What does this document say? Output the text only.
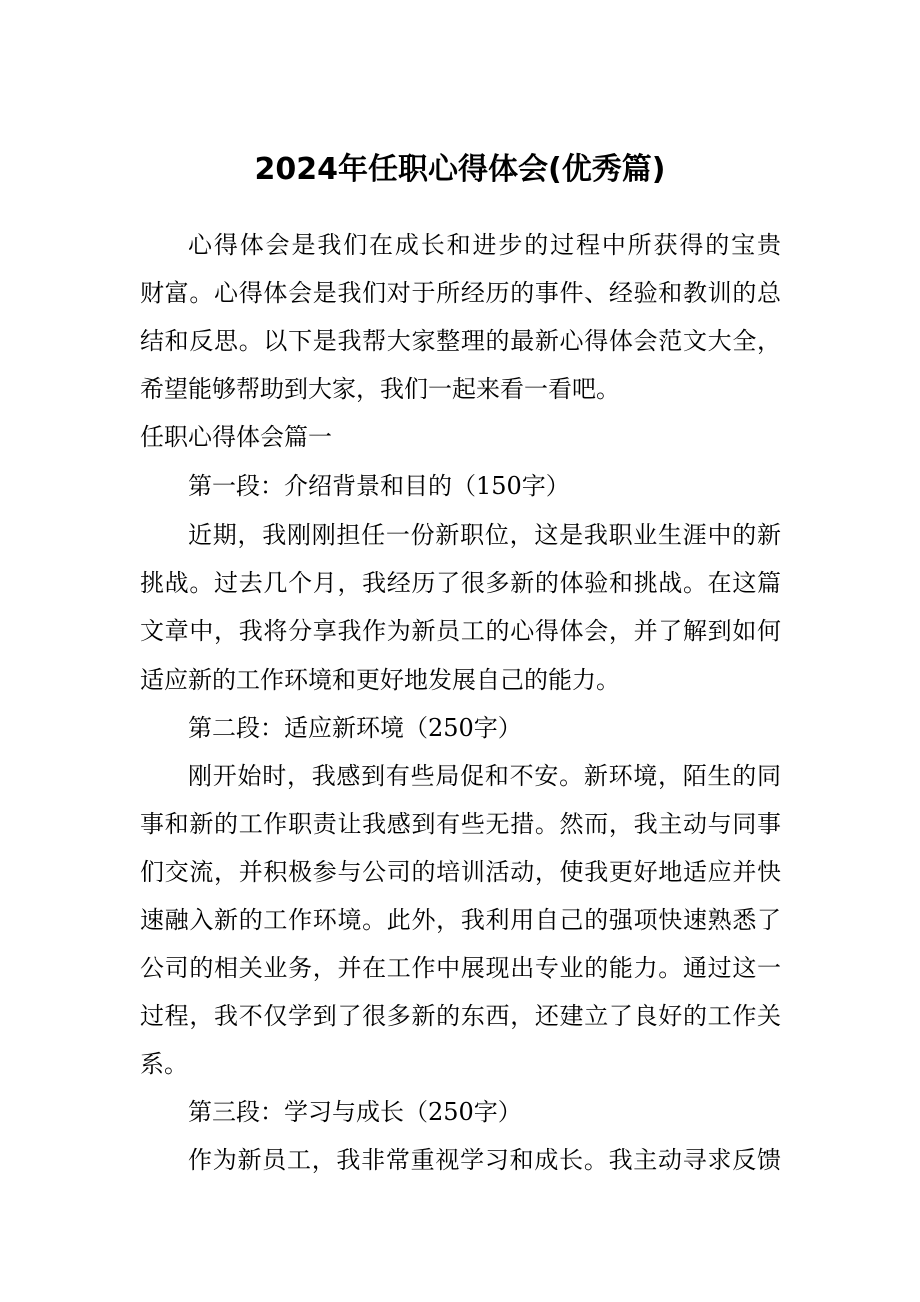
2024年任职心得体会(优秀篇)
心得体会是我们在成长和进步的过程中所获得的宝贵
财富。心得体会是我们对于所经历的事件、经验和教训的总
结和反思。以下是我帮大家整理的最新心得体会范文大全，
希望能够帮助到大家，我们一起来看一看吧。
任职心得体会篇一
第一段：介绍背景和目的（150字）
近期，我刚刚担任一份新职位，这是我职业生涯中的新
挑战。过去几个月，我经历了很多新的体验和挑战。在这篇
文章中，我将分享我作为新员工的心得体会，并了解到如何
适应新的工作环境和更好地发展自己的能力。
第二段：适应新环境（250字）
刚开始时，我感到有些局促和不安。新环境，陌生的同
事和新的工作职责让我感到有些无措。然而，我主动与同事
们交流，并积极参与公司的培训活动，使我更好地适应并快
速融入新的工作环境。此外，我利用自己的强项快速熟悉了
公司的相关业务，并在工作中展现出专业的能力。通过这一
过程，我不仅学到了很多新的东西，还建立了良好的工作关
系。
第三段：学习与成长（250字）
作为新员工，我非常重视学习和成长。我主动寻求反馈
